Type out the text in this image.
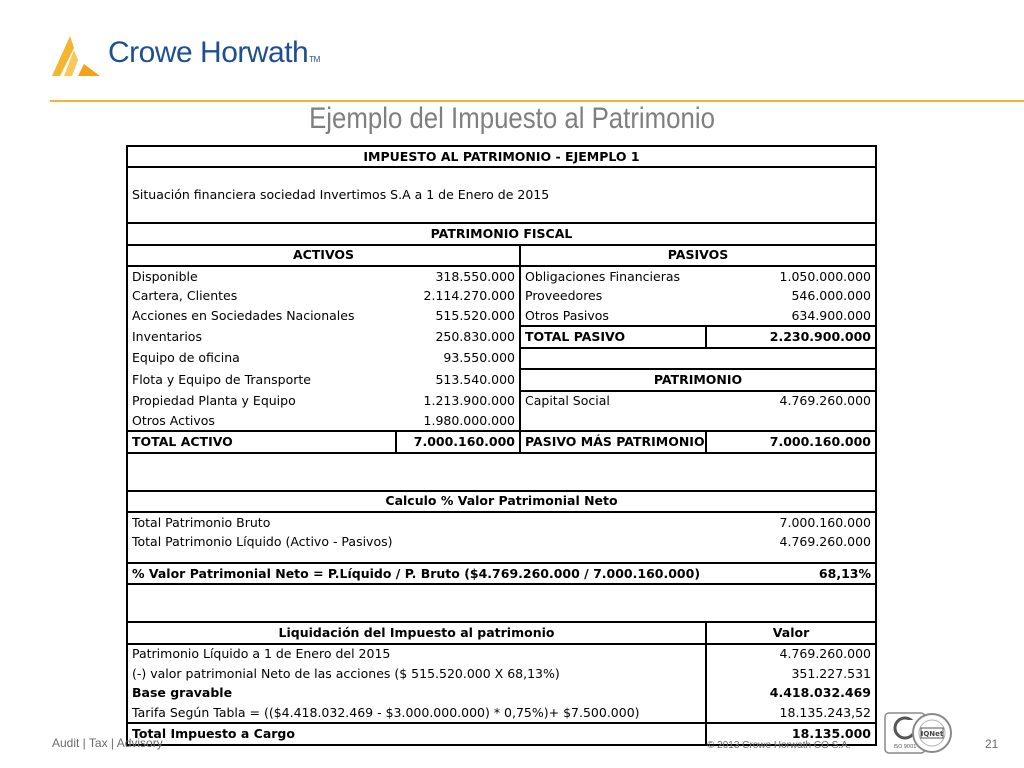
Crowe HorwathTM
Ejemplo del Impuesto al Patrimonio
IMPUESTO AL PATRIMONIO - EJEMPLO 1			
Situación financiera sociedad Invertimos S.A a 1 de Enero de 2015			
PATRIMONIO FISCAL			
ACTIVOS		PASIVOS	
Disponible	318.550.000	Obligaciones Financieras	1.050.000.000
Cartera, Clientes	2.114.270.000	Proveedores	546.000.000
Acciones en Sociedades Nacionales	515.520.000	Otros Pasivos	634.900.000
Inventarios	250.830.000	TOTAL PASIVO	2.230.900.000
Equipo de oficina	93.550.000		
Flota y Equipo de Transporte	513.540.000	PATRIMONIO	
Propiedad Planta y Equipo	1.213.900.000	Capital Social	4.769.260.000
Otros Activos	1.980.000.000		
TOTAL ACTIVO	7.000.160.000	PASIVO MÁS PATRIMONIO	7.000.160.000

Calculo % Valor Patrimonial Neto			
Total Patrimonio Bruto			7.000.160.000
Total Patrimonio Líquido (Activo - Pasivos)			4.769.260.000

% Valor Patrimonial Neto = P.Líquido / P. Bruto ($4.769.260.000 / 7.000.160.000)			68,13%

Liquidación del Impuesto al patrimonio			Valor
Patrimonio Líquido a 1 de Enero del 2015			4.769.260.000
(-) valor patrimonial Neto de las acciones ($ 515.520.000 X 68,13%)			351.227.531
Base gravable			4.418.032.469
Tarifa Según Tabla = (($4.418.032.469 - $3.000.000.000) * 0,75%)+ $7.500.000)			18.135.243,52
Total Impuesto a Cargo			18.135.000
Audit | Tax | Advisory	© 2013 Crowe Horwath CO S.A.	ISO 9001
IQNet
21
